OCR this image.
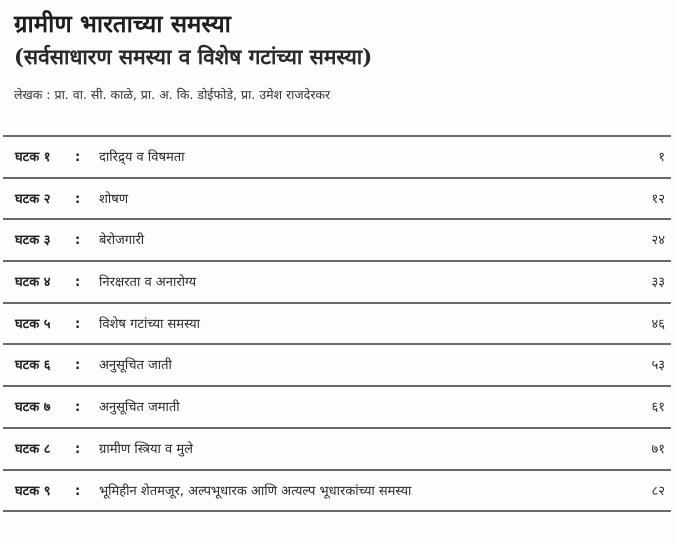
ग्रामीण भारताच्या समस्या
(सर्वसाधारण समस्या व विशेष गटांच्या समस्या)

लेखक : प्रा. वा. सी. काळे, प्रा. अ. कि. डोईफोडे, प्रा. उमेश राजदेरकर

घटक १ : दारिद्र्य व विषमता	१
घटक २ : शोषण	१२
घटक ३ : बेरोजगारी	२४
घटक ४ : निरक्षरता व अनारोग्य	३३
घटक ५ : विशेष गटांच्या समस्या	४६
घटक ६ : अनुसूचित जाती	५३
घटक ७ : अनुसूचित जमाती	६१
घटक ८ : ग्रामीण स्त्रिया व मुले	७१
घटक ९ : भूमिहीन शेतमजूर, अल्पभूधारक आणि अत्यल्प भूधारकांच्या समस्या	८२
